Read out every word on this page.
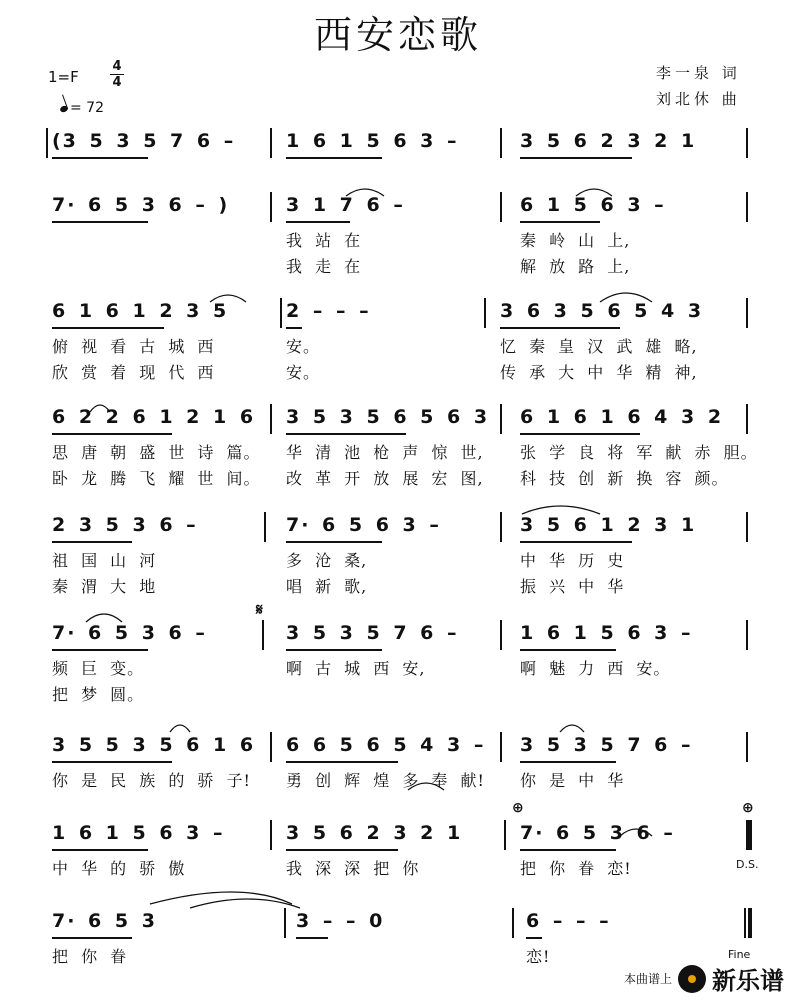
西安恋歌
1=F
4
4
= 72
李一泉 词
刘北休 曲
(3 5 3 5 7 6 –	1 6 1 5 6 3 –	3 5 6 2 3 2 1
7· 6 5 3 6 – )	3 1 7 6 –
我 站 在
我 走 在
6 1 5 6 3 –
秦 岭 山 上,
解 放 路 上,
6 1 6 1 2 3 5
俯 视 看 古 城 西
欣 赏 着 现 代 西
2 – – –
安。
安。
3 6 3 5 6 5 4 3
忆 秦 皇 汉 武 雄 略,
传 承 大 中 华 精 神,
6 2 2 6 1 2 1 6
思 唐 朝 盛 世 诗 篇。
卧 龙 腾 飞 耀 世 间。
3 5 3 5 6 5 6 3
华 清 池 枪 声 惊 世,
改 革 开 放 展 宏 图,
6 1 6 1 6 4 3 2
张 学 良 将 军 献 赤 胆。
科 技 创 新 换 容 颜。
2 3 5 3 6 –
祖 国 山 河
秦 渭 大 地
7· 6 5 6 3 –
多 沧 桑,
唱 新 歌,
3 5 6 1 2 3 1
中 华 历 史
振 兴 中 华
7· 6 5 3 6 –
频 巨 变。
把 梦 圆。
3 5 3 5 7 6 –
啊 古 城 西 安,
1 6 1 5 6 3 –
啊 魅 力 西 安。
3 5 5 3 5 6 1 6
你 是 民 族 的 骄 子!
6 6 5 6 5 4 3 –
勇 创 辉 煌 多 奉 献!
3 5 3 5 7 6 –
你 是 中 华
1 6 1 5 6 3 –
中 华 的 骄 傲
3 5 6 2 3 2 1
我 深 深 把 你
7· 6 5 3 6 –
把 你 眷 恋!
7· 6 5 3
把 你 眷
3 – – 0	6 – – –
恋!
𝄋
⊕	⊕
D.S.
Fine
本曲谱上 新乐谱
